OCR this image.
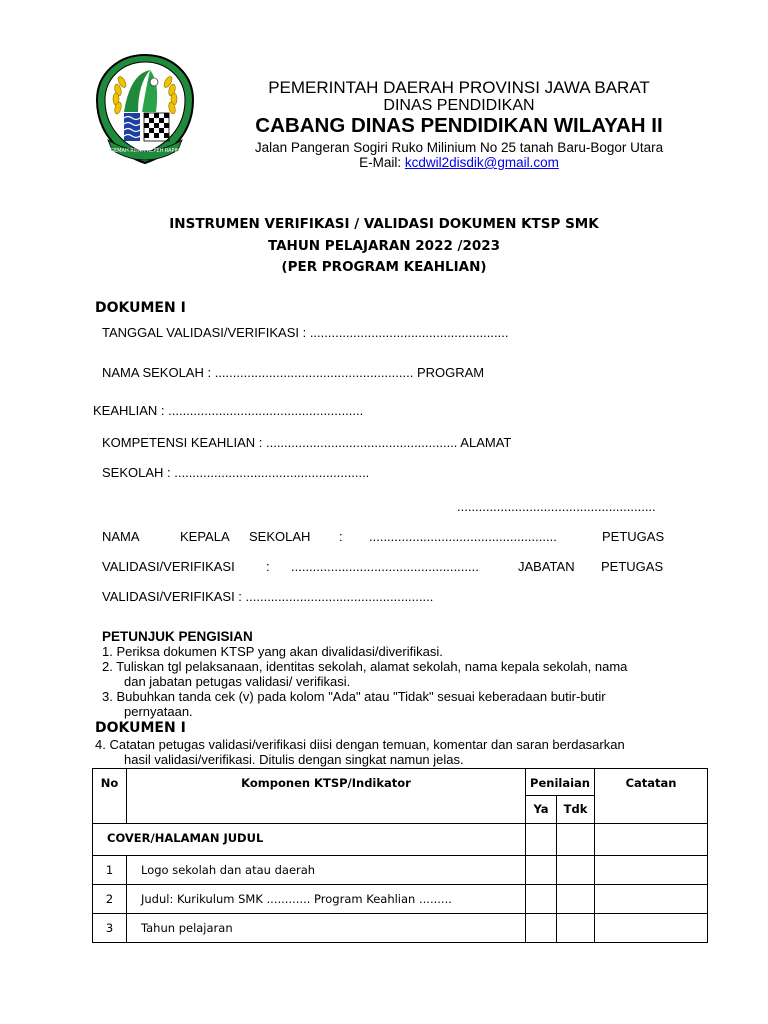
GEMAH RIPAH REPEH RAPIH
PEMERINTAH DAERAH PROVINSI JAWA BARAT
DINAS PENDIDIKAN
CABANG DINAS PENDIDIKAN WILAYAH II
Jalan Pangeran Sogiri Ruko Milinium No 25 tanah Baru-Bogor Utara
E-Mail: kcdwil2disdik@gmail.com
INSTRUMEN VERIFIKASI / VALIDASI DOKUMEN KTSP SMK
TAHUN PELAJARAN 2022 /2023
(PER PROGRAM KEAHLIAN)
DOKUMEN I
TANGGAL VALIDASI/VERIFIKASI : .......................................................
NAMA SEKOLAH : ....................................................... PROGRAM
KEAHLIAN : ......................................................
KOMPETENSI KEAHLIAN : ..................................................... ALAMAT
SEKOLAH : ......................................................
.......................................................
NAMA	KEPALA SEKOLAH : ....................................................	PETUGAS
VALIDASI/VERIFIKASI : ....................................................	JABATAN PETUGAS
VALIDASI/VERIFIKASI : ....................................................
PETUNJUK PENGISIAN
1. Periksa dokumen KTSP yang akan divalidasi/diverifikasi.
2. Tuliskan tgl pelaksanaan, identitas sekolah, alamat sekolah, nama kepala sekolah, nama
dan jabatan petugas validasi/ verifikasi.
3. Bubuhkan tanda cek (v) pada kolom "Ada" atau "Tidak" sesuai keberadaan butir-butir
pernyataan.
DOKUMEN I
4. Catatan petugas validasi/verifikasi diisi dengan temuan, komentar dan saran berdasarkan
hasil validasi/verifikasi. Ditulis dengan singkat namun jelas.
No	Komponen KTSP/Indikator	Penilaian		Catatan
		Ya	Tdk	
COVER/HALAMAN JUDUL				
1	Logo sekolah dan atau daerah			
2	Judul: Kurikulum SMK ............ Program Keahlian .........			
3	Tahun pelajaran			
